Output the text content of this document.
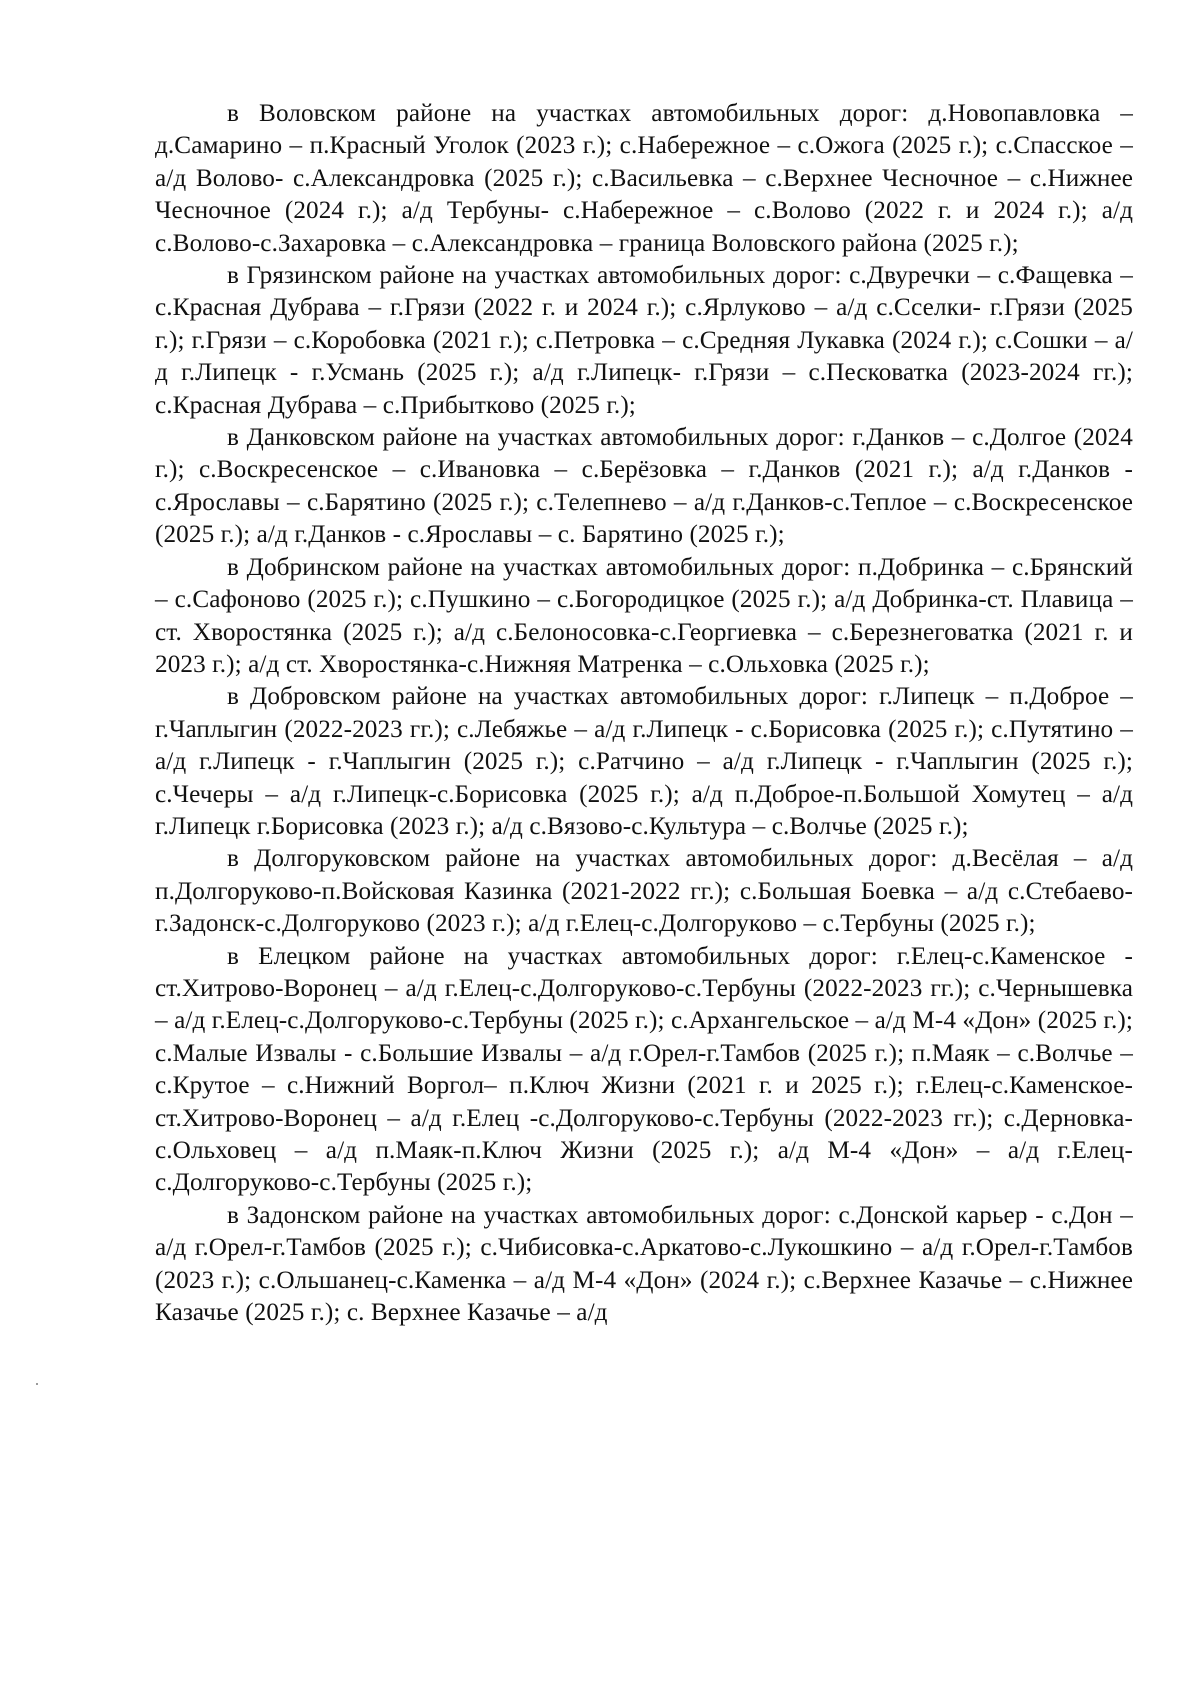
в Воловском районе на участках автомобильных дорог: д.Новопавловка – д.Самарино – п.Красный Уголок (2023 г.); с.Набережное – с.Ожога (2025 г.); с.Спасское – а/д Волово- с.Александровка (2025 г.); с.Васильевка – с.Верхнее Чесночное – с.Нижнее Чесночное (2024 г.); а/д Тербуны- с.Набережное – с.Волово (2022 г. и 2024 г.); а/д с.Волово-с.Захаровка – с.Александровка – граница Воловского района (2025 г.);

в Грязинском районе на участках автомобильных дорог: с.Двуречки – с.Фащевка – с.Красная Дубрава – г.Грязи (2022 г. и 2024 г.); с.Ярлуково – а/д с.Сселки- г.Грязи (2025 г.); г.Грязи – с.Коробовка (2021 г.); с.Петровка – с.Средняя Лукавка (2024 г.); с.Сошки – а/д г.Липецк - г.Усмань (2025 г.); а/д г.Липецк- г.Грязи – с.Песковатка (2023-2024 гг.); с.Красная Дубрава – с.Прибытково (2025 г.);

в Данковском районе на участках автомобильных дорог: г.Данков – с.Долгое (2024 г.); с.Воскресенское – с.Ивановка – с.Берёзовка – г.Данков (2021 г.); а/д г.Данков - с.Ярославы – с.Барятино (2025 г.); с.Телепнево – а/д г.Данков-с.Теплое – с.Воскресенское (2025 г.); а/д г.Данков - с.Ярославы – с. Барятино (2025 г.);

в Добринском районе на участках автомобильных дорог: п.Добринка – с.Брянский – с.Сафоново (2025 г.); с.Пушкино – с.Богородицкое (2025 г.); а/д Добринка-ст. Плавица – ст. Хворостянка (2025 г.); а/д с.Белоносовка-с.Георгиевка – с.Березнеговатка (2021 г. и 2023 г.); а/д ст. Хворостянка-с.Нижняя Матренка – с.Ольховка (2025 г.);

в Добровском районе на участках автомобильных дорог: г.Липецк – п.Доброе – г.Чаплыгин (2022-2023 гг.); с.Лебяжье – а/д г.Липецк - с.Борисовка (2025 г.); с.Путятино – а/д г.Липецк - г.Чаплыгин (2025 г.); с.Ратчино – а/д г.Липецк - г.Чаплыгин (2025 г.); с.Чечеры – а/д г.Липецк-с.Борисовка (2025 г.); а/д п.Доброе-п.Большой Хомутец – а/д г.Липецк г.Борисовка (2023 г.); а/д с.Вязово-с.Культура – с.Волчье (2025 г.);

в Долгоруковском районе на участках автомобильных дорог: д.Весёлая – а/д п.Долгоруково-п.Войсковая Казинка (2021-2022 гг.); с.Большая Боевка – а/д с.Стебаево-г.Задонск-с.Долгоруково (2023 г.); а/д г.Елец-с.Долгоруково – с.Тербуны (2025 г.);

в Елецком районе на участках автомобильных дорог: г.Елец-с.Каменское - ст.Хитрово-Воронец – а/д г.Елец-с.Долгоруково-с.Тербуны (2022-2023 гг.); с.Чернышевка – а/д г.Елец-с.Долгоруково-с.Тербуны (2025 г.); с.Архангельское – а/д М-4 «Дон» (2025 г.); с.Малые Извалы - с.Большие Извалы – а/д г.Орел-г.Тамбов (2025 г.); п.Маяк – с.Волчье – с.Крутое – с.Нижний Воргол– п.Ключ Жизни (2021 г. и 2025 г.); г.Елец-с.Каменское-ст.Хитрово-Воронец – а/д г.Елец -с.Долгоруково-с.Тербуны (2022-2023 гг.); с.Дерновка-с.Ольховец – а/д п.Маяк-п.Ключ Жизни (2025 г.); а/д М-4 «Дон» – а/д г.Елец-с.Долгоруково-с.Тербуны (2025 г.);

в Задонском районе на участках автомобильных дорог: с.Донской карьер - с.Дон – а/д г.Орел-г.Тамбов (2025 г.); с.Чибисовка-с.Аркатово-с.Лукошкино – а/д г.Орел-г.Тамбов (2023 г.); с.Ольшанец-с.Каменка – а/д М-4 «Дон» (2024 г.); с.Верхнее Казачье – с.Нижнее Казачье (2025 г.); с. Верхнее Казачье – а/д
